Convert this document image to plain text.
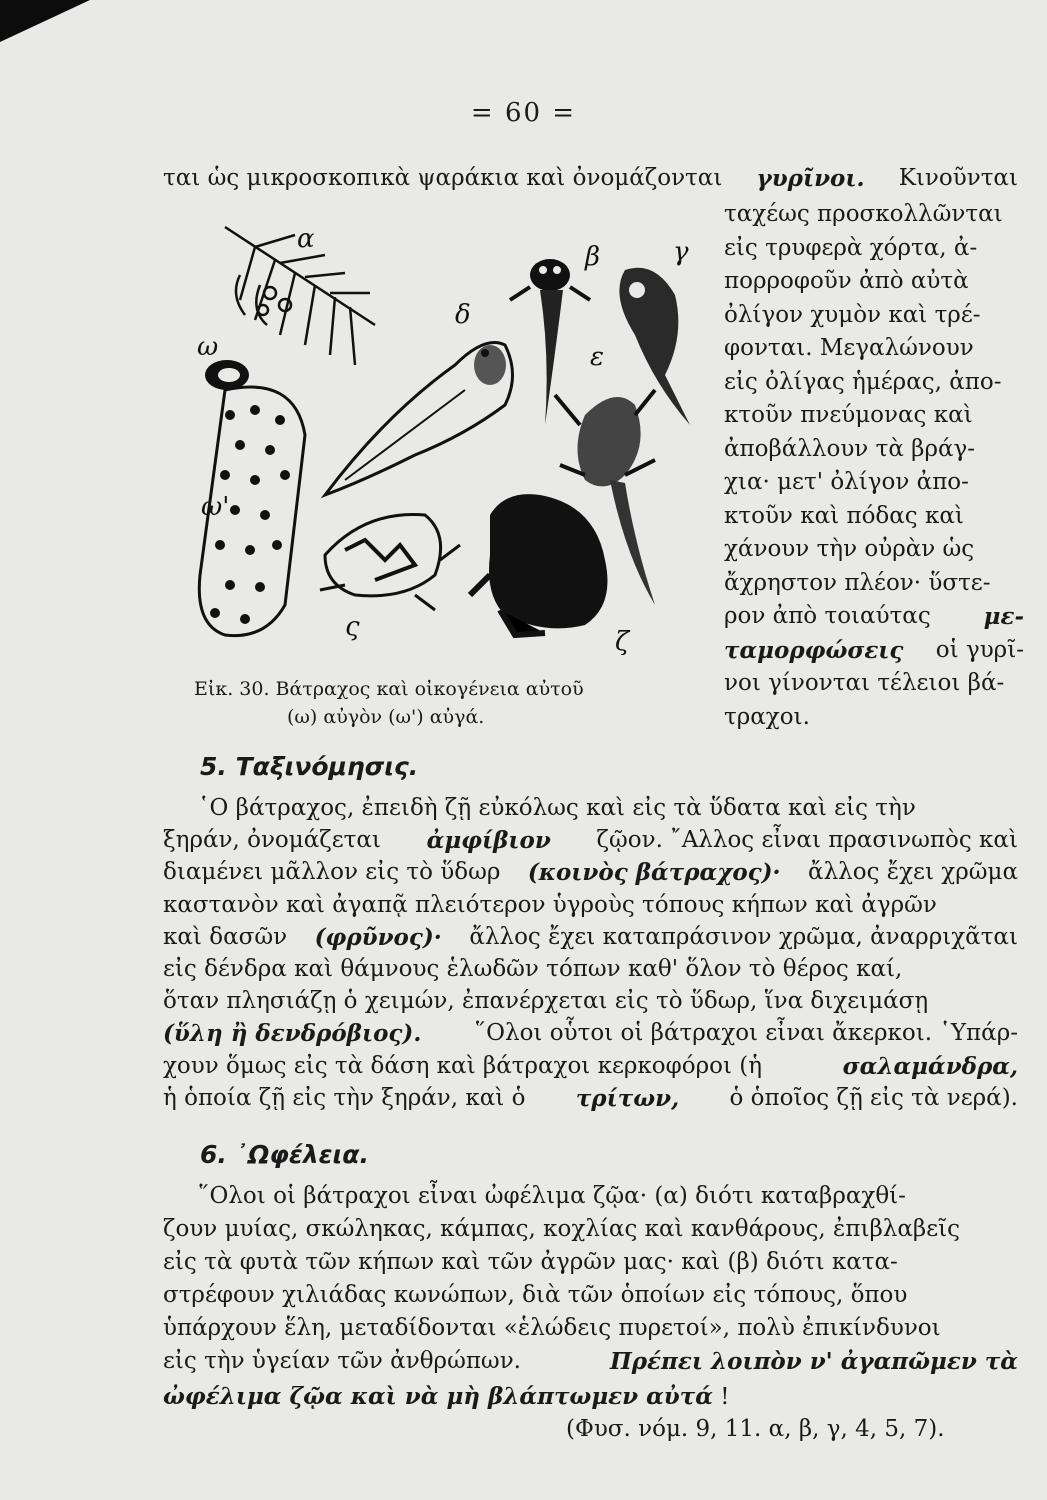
= 60 =
ται ὡς μικροσκοπικὰ ψαράκια καὶ ὀνομάζονται γυρῖνοι. Κινοῦνται
ταχέως προσκολλῶνται
εἰς τρυφερὰ χόρτα, ἀ-
πορροφοῦν ἀπὸ αὐτὰ
ὀλίγον χυμὸν καὶ τρέ-
φονται. Μεγαλώνουν
εἰς ὀλίγας ἡμέρας, ἀπο-
κτοῦν πνεύμονας καὶ
ἀποβάλλουν τὰ βράγ-
χια· μετ' ὀλίγον ἀπο-
κτοῦν καὶ πόδας καὶ
χάνουν τὴν οὐρὰν ὡς
ἄχρηστον πλέον· ὕστε-
ρον ἀπὸ τοιαύτας με-
ταμορφώσεις οἱ γυρῖ-
νοι γίνονται τέλειοι βά-
τραχοι.
α
ω
ω'
δ
β	γ
ε
ς	ζ
Εἰκ. 30. Βάτραχος καὶ οἰκογένεια αὐτοῦ
(ω) αὐγὸν (ω') αὐγά.
5. Ταξινόμησις.
῾Ο βάτραχος, ἐπειδὴ ζῇ εὐκόλως καὶ εἰς τὰ ὕδατα καὶ εἰς τὴν
ξηράν, ὀνομάζεται ἀμφίβιον ζῷον. ῎Αλλος εἶναι πρασινωπὸς καὶ
διαμένει μᾶλλον εἰς τὸ ὕδωρ (κοινὸς βάτραχος)· ἄλλος ἔχει χρῶμα
καστανὸν καὶ ἀγαπᾷ πλειότερον ὑγροὺς τόπους κήπων καὶ ἀγρῶν
καὶ δασῶν (φρῦνος)· ἄλλος ἔχει καταπράσινον χρῶμα, ἀναρριχᾶται
εἰς δένδρα καὶ θάμνους ἑλωδῶν τόπων καθ' ὅλον τὸ θέρος καί,
ὅταν πλησιάζῃ ὁ χειμών, ἐπανέρχεται εἰς τὸ ὕδωρ, ἵνα διχειμάσῃ
(ὕλη ἢ δενδρόβιος). ῞Ολοι οὗτοι οἱ βάτραχοι εἶναι ἄκερκοι. ῾Υπάρ-
χουν ὅμως εἰς τὰ δάση καὶ βάτραχοι κερκοφόροι (ἡ	σαλαμάνδρα,
ἡ ὁποία ζῇ εἰς τὴν ξηράν, καὶ ὁ τρίτων, ὁ ὁποῖος ζῇ εἰς τὰ νερά).
6. ᾿Ωφέλεια.
῞Ολοι οἱ βάτραχοι εἶναι ὠφέλιμα ζῷα· (α) διότι καταβραχθί-
ζουν μυίας, σκώληκας, κάμπας, κοχλίας καὶ κανθάρους, ἐπιβλαβεῖς
εἰς τὰ φυτὰ τῶν κήπων καὶ τῶν ἀγρῶν μας· καὶ (β) διότι κατα-
στρέφουν χιλιάδας κωνώπων, διὰ τῶν ὁποίων εἰς τόπους, ὅπου
ὑπάρχουν ἕλη, μεταδίδονται «ἑλώδεις πυρετοί», πολὺ ἐπικίνδυνοι
εἰς τὴν ὑγείαν τῶν ἀνθρώπων.	Πρέπει λοιπὸν ν' ἀγαπῶμεν τὰ
ὠφέλιμα ζῷα καὶ νὰ μὴ βλάπτωμεν αὐτά !
(Φυσ. νόμ. 9, 11. α, β, γ, 4, 5, 7).
